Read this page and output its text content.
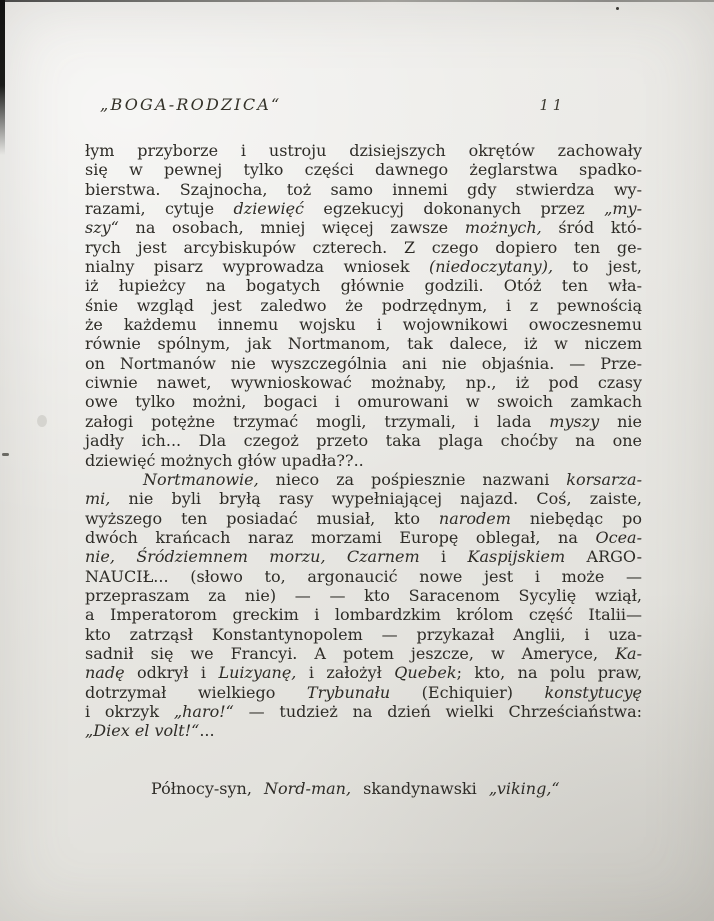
„BOGA-RODZICA“	11
łym przyborze i ustroju dzisiejszych okrętów zachowały
się w pewnej tylko części dawnego żeglarstwa spadko-
bierstwa. Szajnocha, toż samo innemi gdy stwierdza wy-
razami, cytuje dziewięć egzekucyj dokonanych przez „my-
szy“ na osobach, mniej więcej zawsze możnych, śród któ-
rych jest arcybiskupów czterech. Z czego dopiero ten ge-
nialny pisarz wyprowadza wniosek (niedoczytany), to jest,
iż łupieżcy na bogatych głównie godzili. Otóż ten wła-
śnie wzgląd jest zaledwo że podrzędnym, i z pewnością
że każdemu innemu wojsku i wojownikowi owoczesnemu
równie spólnym, jak Nortmanom, tak dalece, iż w niczem
on Nortmanów nie wyszczególnia ani nie objaśnia. — Prze-
ciwnie nawet, wywnioskować możnaby, np., iż pod czasy
owe tylko możni, bogaci i omurowani w swoich zamkach
załogi potężne trzymać mogli, trzymali, i lada myszy nie
jadły ich... Dla czegoż przeto taka plaga choćby na one
dziewięć możnych głów upadła??..
Nortmanowie, nieco za pośpiesznie nazwani korsarza-
mi, nie byli bryłą rasy wypełniającej najazd. Coś, zaiste,
wyższego ten posiadać musiał, kto narodem niebędąc po
dwóch krańcach naraz morzami Europę oblegał, na Ocea-
nie, Śródziemnem morzu, Czarnem i Kaspijskiem ARGO-
NAUCIŁ... (słowo to, argonaucić nowe jest i może —
przepraszam za nie) — — kto Saracenom Sycylię wziął,
a Imperatorom greckim i lombardzkim królom część Italii—
kto zatrząsł Konstantynopolem — przykazał Anglii, i uza-
sadnił się we Francyi. A potem jeszcze, w Ameryce, Ka-
nadę odkrył i Luizyanę, i założył Quebek; kto, na polu praw,
dotrzymał wielkiego Trybunału (Echiquier) konstytucyę
i okrzyk „haro!“ — tudzież na dzień wielki Chrześciaństwa:
„Diex el volt!“...
Północy-syn, Nord-man, skandynawski „viking,“
